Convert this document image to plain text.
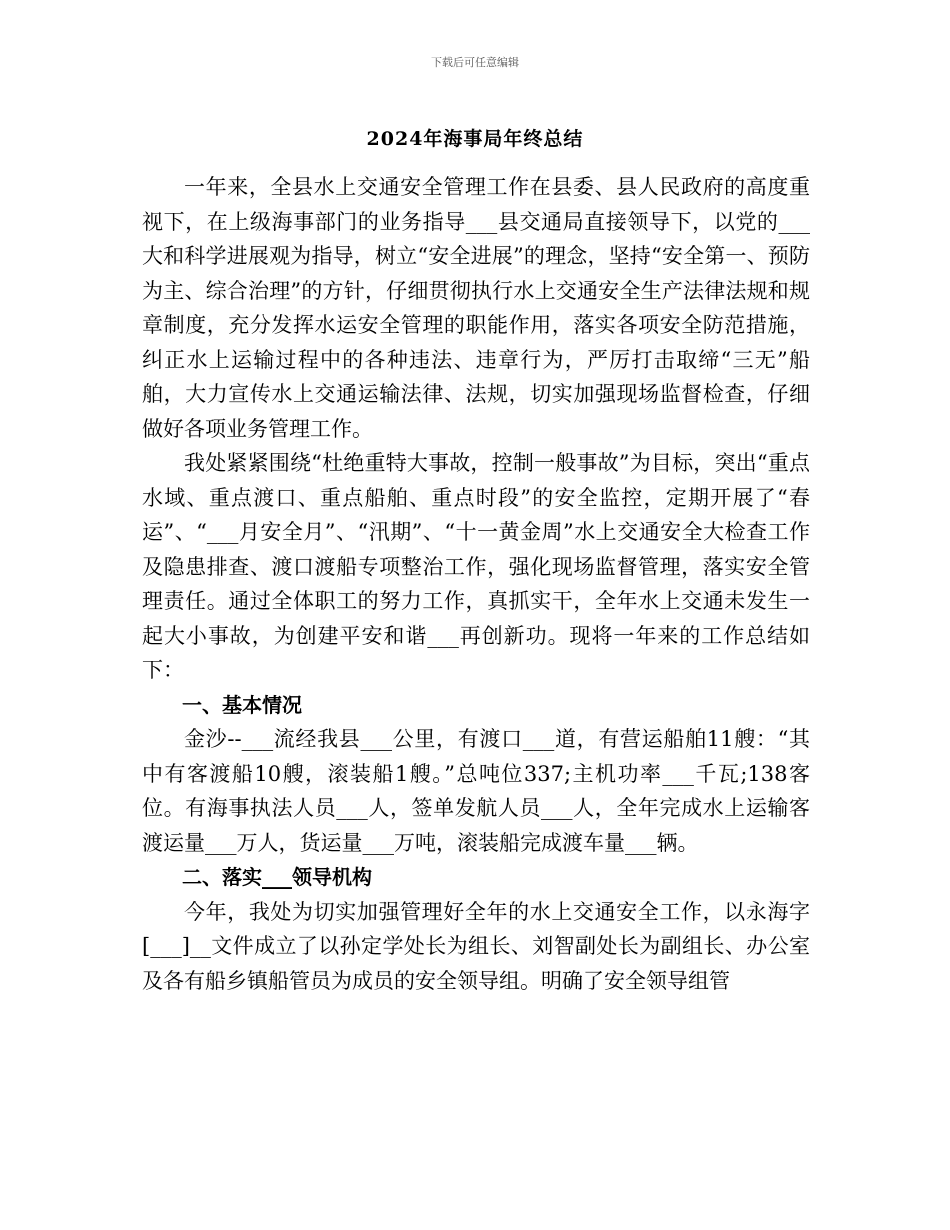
下载后可任意编辑
2024年海事局年终总结

一年来，全县水上交通安全管理工作在县委、县人民政府的高度重视下，在上级海事部门的业务指导___县交通局直接领导下，以党的___大和科学进展观为指导，树立“安全进展”的理念，坚持“安全第一、预防为主、综合治理”的方针，仔细贯彻执行水上交通安全生产法律法规和规章制度，充分发挥水运安全管理的职能作用，落实各项安全防范措施，纠正水上运输过程中的各种违法、违章行为，严厉打击取缔“三无”船舶，大力宣传水上交通运输法律、法规，切实加强现场监督检查，仔细做好各项业务管理工作。

我处紧紧围绕“杜绝重特大事故，控制一般事故”为目标，突出“重点水域、重点渡口、重点船舶、重点时段”的安全监控，定期开展了“春运”、“___月安全月”、“汛期”、“十一黄金周”水上交通安全大检查工作及隐患排查、渡口渡船专项整治工作，强化现场监督管理，落实安全管理责任。通过全体职工的努力工作，真抓实干，全年水上交通未发生一起大小事故，为创建平安和谐___再创新功。现将一年来的工作总结如下：

一、基本情况

金沙--___流经我县___公里，有渡口___道，有营运船舶11艘：“其中有客渡船10艘，滚装船1艘。”总吨位337;主机功率___千瓦;138客位。有海事执法人员___人，签单发航人员___人，全年完成水上运输客渡运量___万人，货运量___万吨，滚装船完成渡车量___辆。

二、落实___领导机构

今年，我处为切实加强管理好全年的水上交通安全工作，以永海字[___]__文件成立了以孙定学处长为组长、刘智副处长为副组长、办公室及各有船乡镇船管员为成员的安全领导组。明确了安全领导组管
